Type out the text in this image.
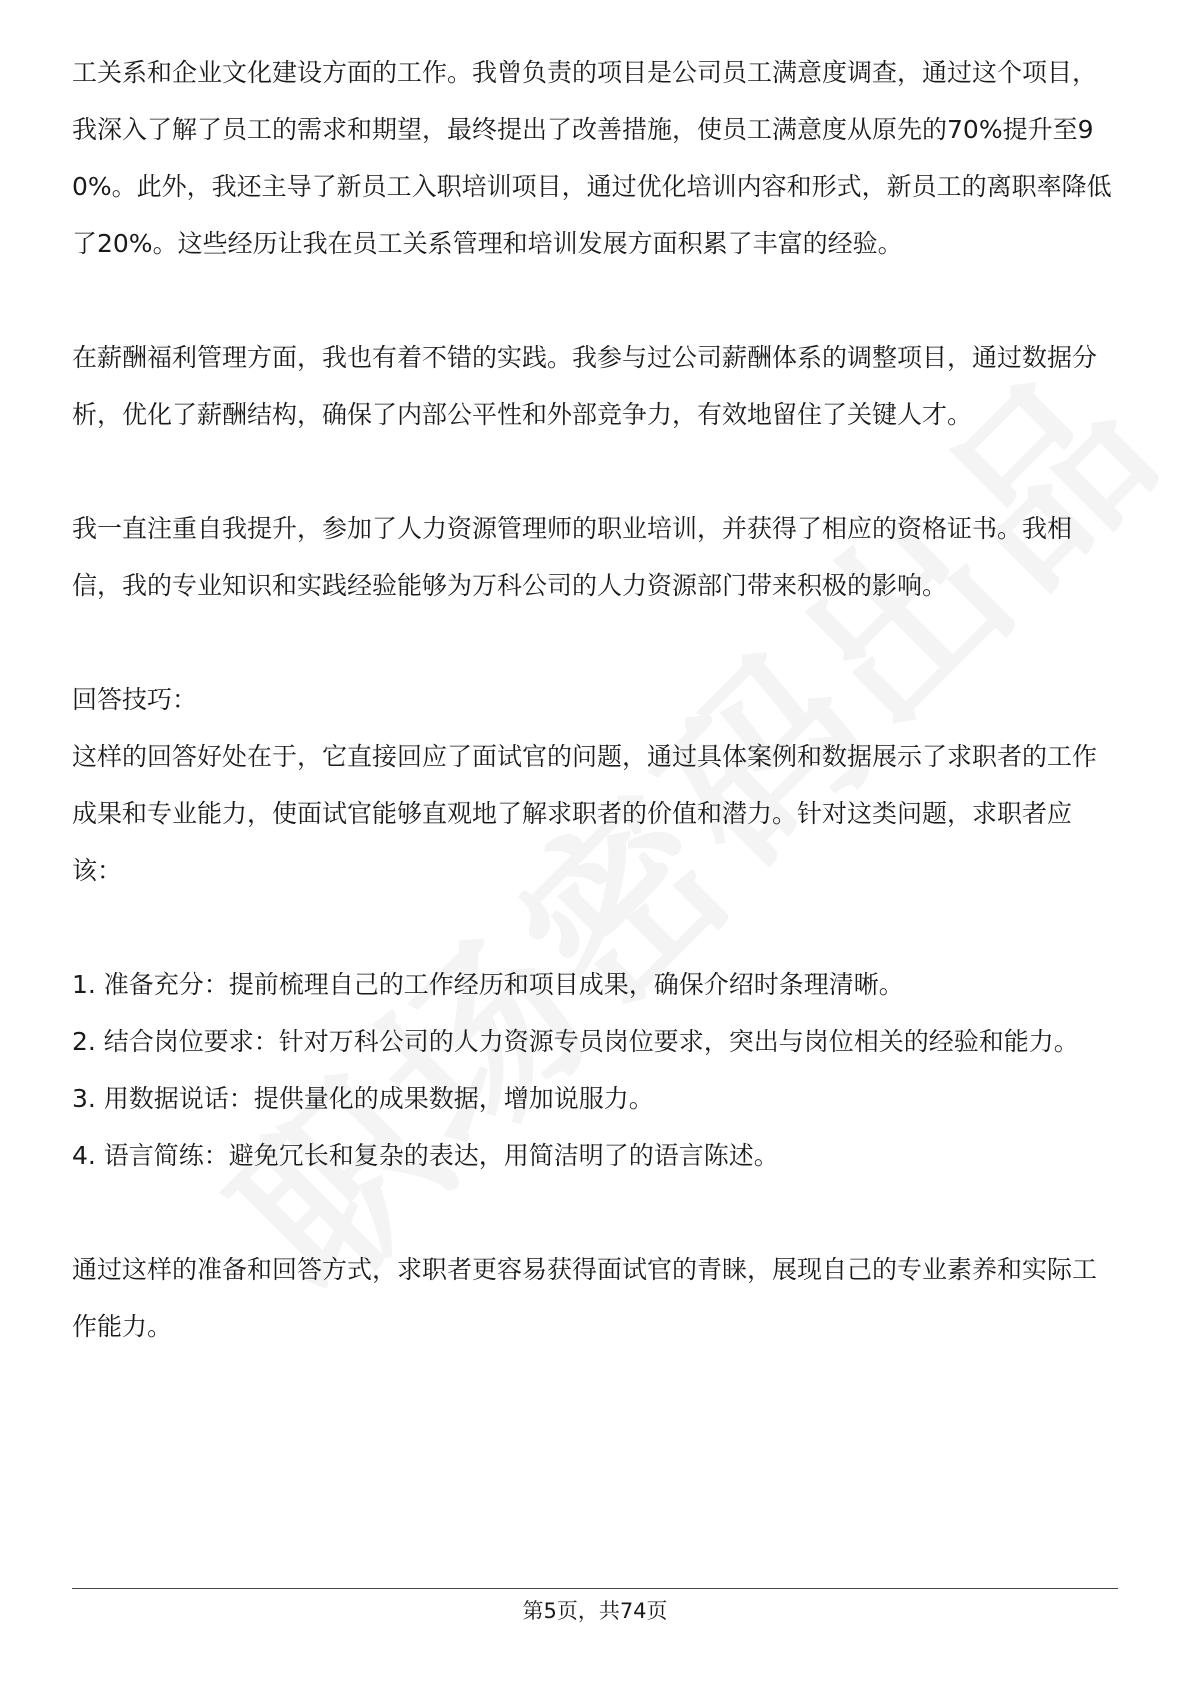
工关系和企业文化建设方面的工作。我曾负责的项目是公司员工满意度调查，通过这个项目，我深入了解了员工的需求和期望，最终提出了改善措施，使员工满意度从原先的70%提升至90%。此外，我还主导了新员工入职培训项目，通过优化培训内容和形式，新员工的离职率降低了20%。这些经历让我在员工关系管理和培训发展方面积累了丰富的经验。

在薪酬福利管理方面，我也有着不错的实践。我参与过公司薪酬体系的调整项目，通过数据分析，优化了薪酬结构，确保了内部公平性和外部竞争力，有效地留住了关键人才。

我一直注重自我提升，参加了人力资源管理师的职业培训，并获得了相应的资格证书。我相信，我的专业知识和实践经验能够为万科公司的人力资源部门带来积极的影响。

回答技巧：

这样的回答好处在于，它直接回应了面试官的问题，通过具体案例和数据展示了求职者的工作成果和专业能力，使面试官能够直观地了解求职者的价值和潜力。针对这类问题，求职者应该：

1. 准备充分：提前梳理自己的工作经历和项目成果，确保介绍时条理清晰。

2. 结合岗位要求：针对万科公司的人力资源专员岗位要求，突出与岗位相关的经验和能力。

3. 用数据说话：提供量化的成果数据，增加说服力。

4. 语言简练：避免冗长和复杂的表达，用简洁明了的语言陈述。

通过这样的准备和回答方式，求职者更容易获得面试官的青睐，展现自己的专业素养和实际工作能力。

第5页，共74页
